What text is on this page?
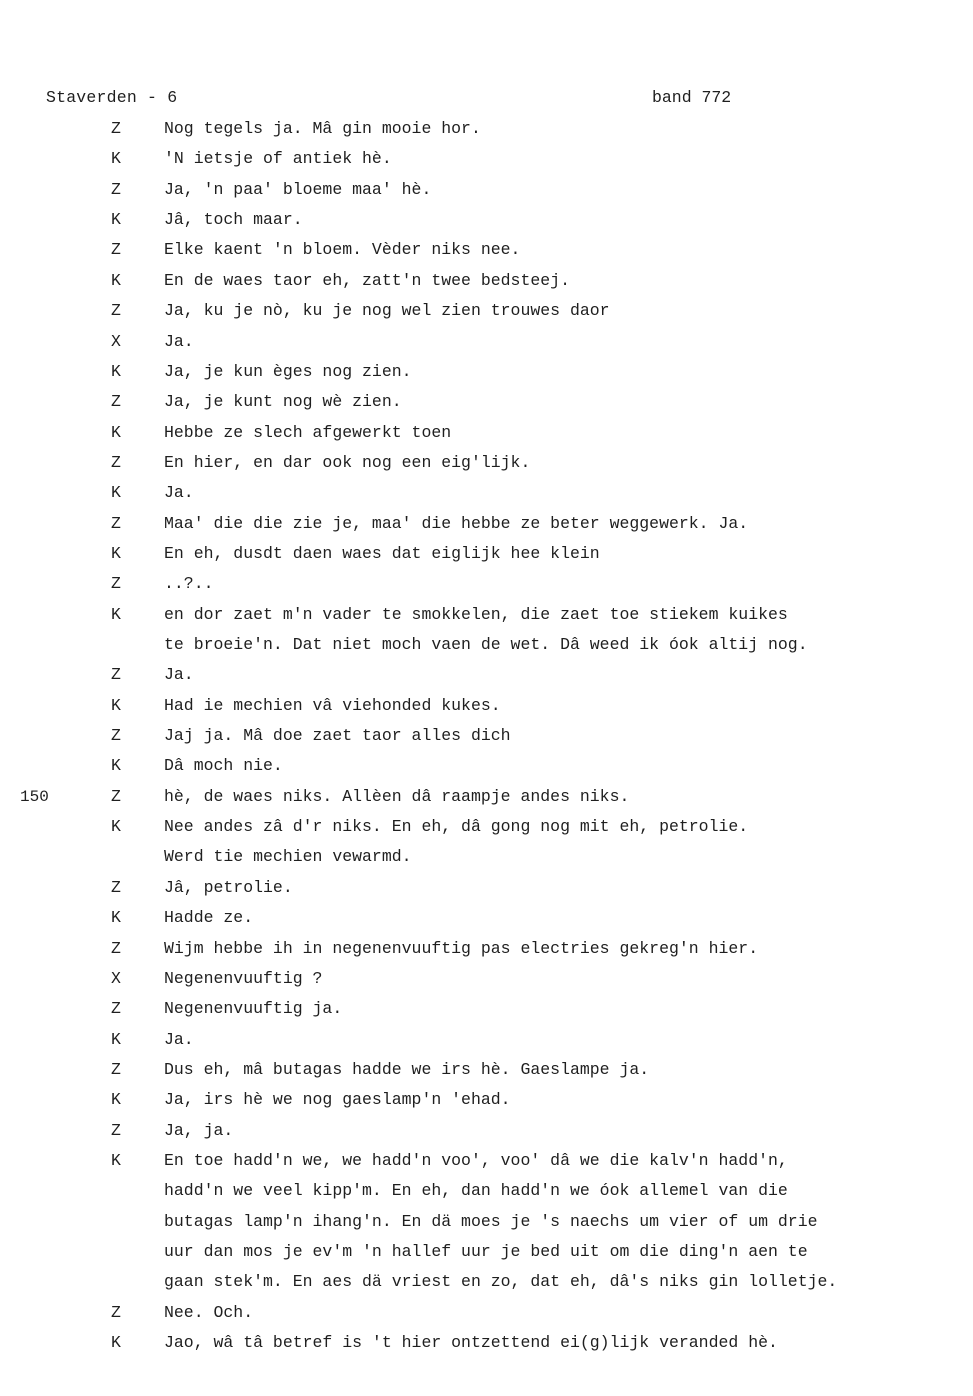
Staverden - 6	band 772
Z	Nog tegels ja. Mâ gin mooie hor.
K	'N ietsje of antiek hè.
Z	Ja, 'n paa' bloeme maa' hè.
K	Jâ, toch maar.
Z	Elke kaent 'n bloem. Vèder niks nee.
K	En de waes taor eh, zatt'n twee bedsteej.
Z	Ja, ku je nò, ku je nog wel zien trouwes daor
X	Ja.
K	Ja, je kun èges nog zien.
Z	Ja, je kunt nog wè zien.
K	Hebbe ze slech afgewerkt toen
Z	En hier, en dar ook nog een eig'lijk.
K	Ja.
Z	Maa' die die zie je, maa' die hebbe ze beter weggewerk. Ja.
K	En eh, dusdt daen waes dat eiglijk hee klein
Z	..?..
K	en dor zaet m'n vader te smokkelen, die zaet toe stiekem kuikes
te broeie'n. Dat niet moch vaen de wet. Dâ weed ik óok altij nog.
Z	Ja.
K	Had ie mechien vâ viehonded kukes.
Z	Jaj ja. Mâ doe zaet taor alles dich
K	Dâ moch nie.
150	Z	hè, de waes niks. Allèen dâ raampje andes niks.
K	Nee andes zâ d'r niks. En eh, dâ gong nog mit eh, petrolie.
Werd tie mechien vewarmd.
Z	Jâ, petrolie.
K	Hadde ze.
Z	Wijm hebbe ih in negenenvuuftig pas electries gekreg'n hier.
X	Negenenvuuftig ?
Z	Negenenvuuftig ja.
K	Ja.
Z	Dus eh, mâ butagas hadde we irs hè. Gaeslampe ja.
K	Ja, irs hè we nog gaeslamp'n 'ehad.
Z	Ja, ja.
K	En toe hadd'n we, we hadd'n voo', voo' dâ we die kalv'n hadd'n,
hadd'n we veel kipp'm. En eh, dan hadd'n we óok allemel van die
butagas lamp'n ihang'n. En dä moes je 's naechs um vier of um drie
uur dan mos je ev'm 'n hallef uur je bed uit om die ding'n aen te
gaan stek'm. En aes dä vriest en zo, dat eh, dâ's niks gin lolletje.
Z	Nee. Och.
K	Jao, wâ tâ betref is 't hier ontzettend ei(g)lijk veranded hè.
